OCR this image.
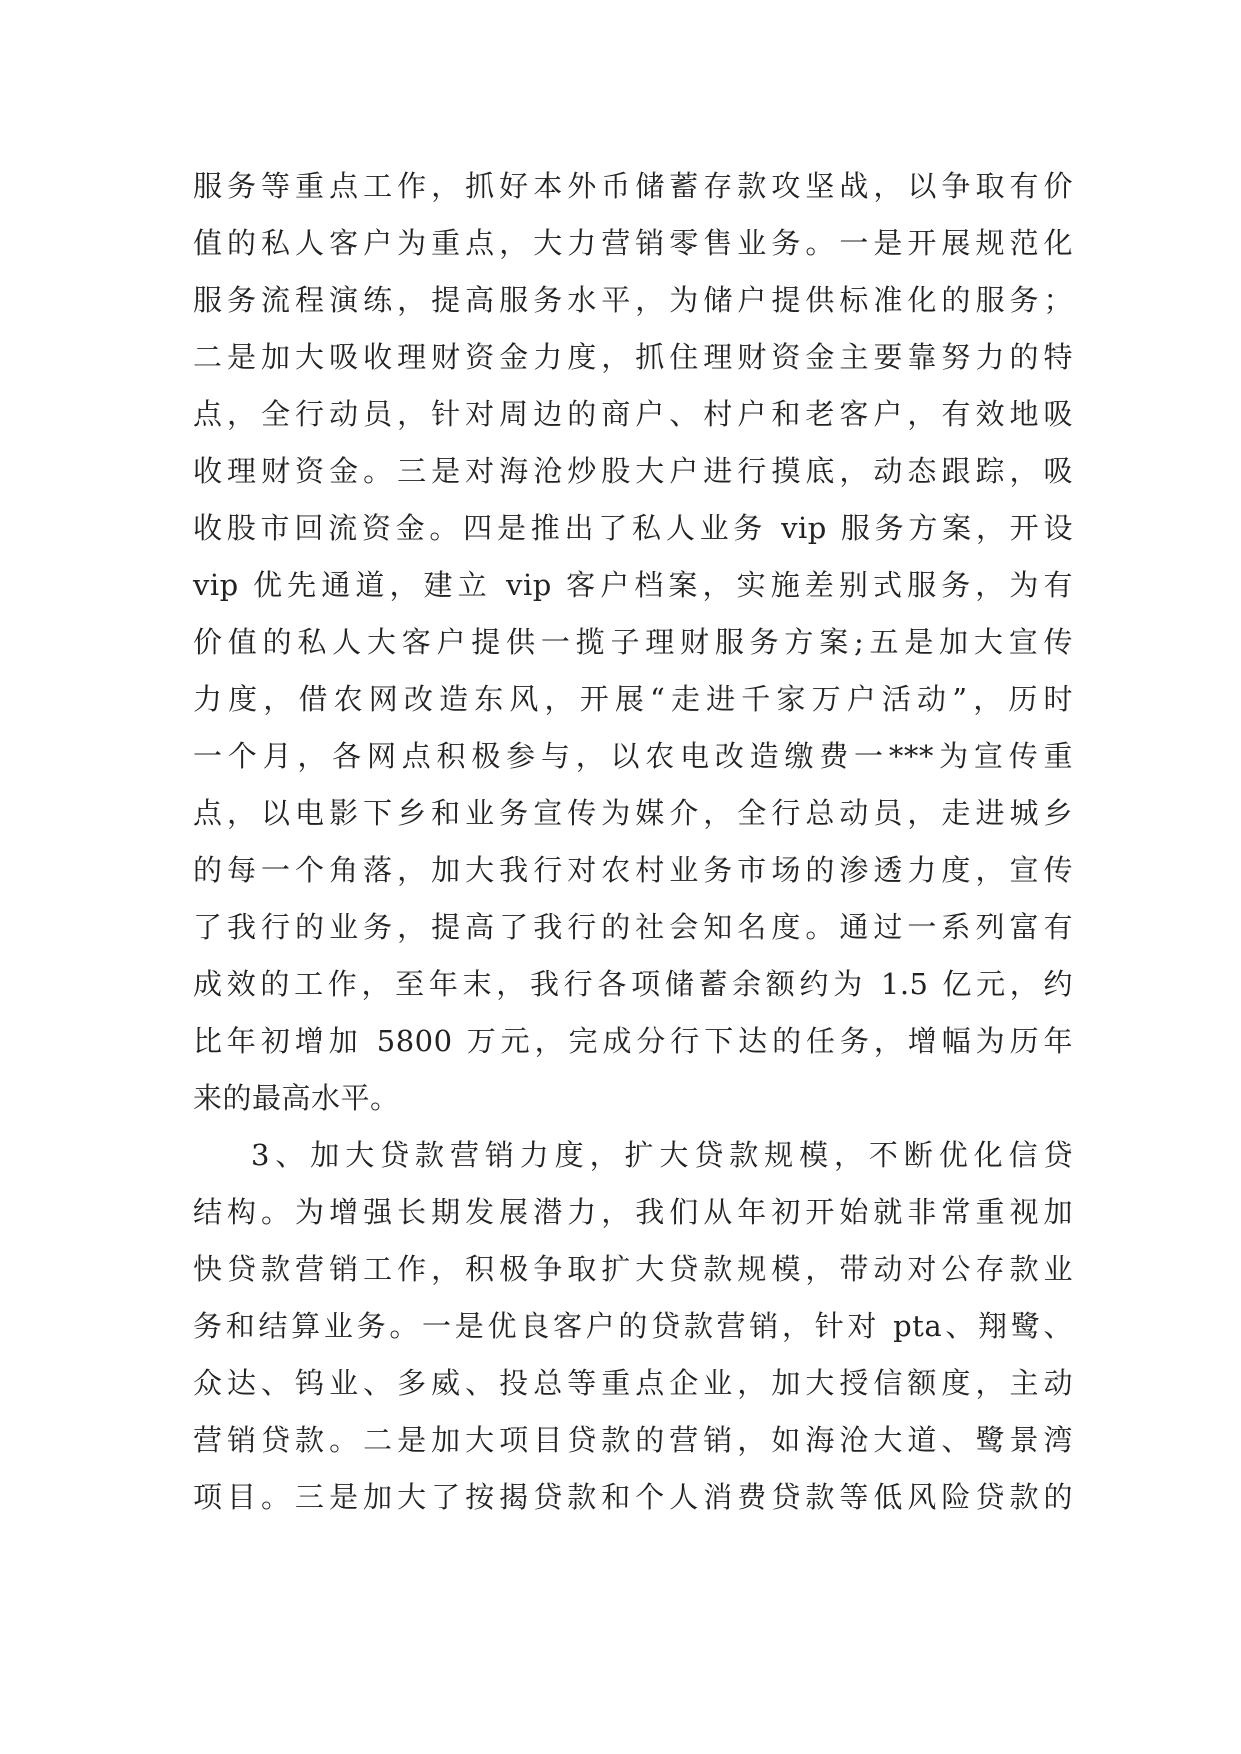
服务等重点工作，抓好本外币储蓄存款攻坚战，以争取有价
值的私人客户为重点，大力营销零售业务。一是开展规范化
服务流程演练，提高服务水平，为储户提供标准化的服务；
二是加大吸收理财资金力度，抓住理财资金主要靠努力的特
点，全行动员，针对周边的商户、村户和老客户，有效地吸
收理财资金。三是对海沧炒股大户进行摸底，动态跟踪，吸
收股市回流资金。四是推出了私人业务 vip 服务方案，开设
vip 优先通道，建立 vip 客户档案，实施差别式服务，为有
价值的私人大客户提供一揽子理财服务方案;五是加大宣传
力度，借农网改造东风，开展“走进千家万户活动”，历时
一个月，各网点积极参与，以农电改造缴费一***为宣传重
点，以电影下乡和业务宣传为媒介，全行总动员，走进城乡
的每一个角落，加大我行对农村业务市场的渗透力度，宣传
了我行的业务，提高了我行的社会知名度。通过一系列富有
成效的工作，至年末，我行各项储蓄余额约为 1.5 亿元，约
比年初增加 5800 万元，完成分行下达的任务，增幅为历年
来的最高水平。
3、加大贷款营销力度，扩大贷款规模，不断优化信贷
结构。为增强长期发展潜力，我们从年初开始就非常重视加
快贷款营销工作，积极争取扩大贷款规模，带动对公存款业
务和结算业务。一是优良客户的贷款营销，针对 pta、翔鹭、
众达、钨业、多威、投总等重点企业，加大授信额度，主动
营销贷款。二是加大项目贷款的营销，如海沧大道、鹭景湾
项目。三是加大了按揭贷款和个人消费贷款等低风险贷款的
